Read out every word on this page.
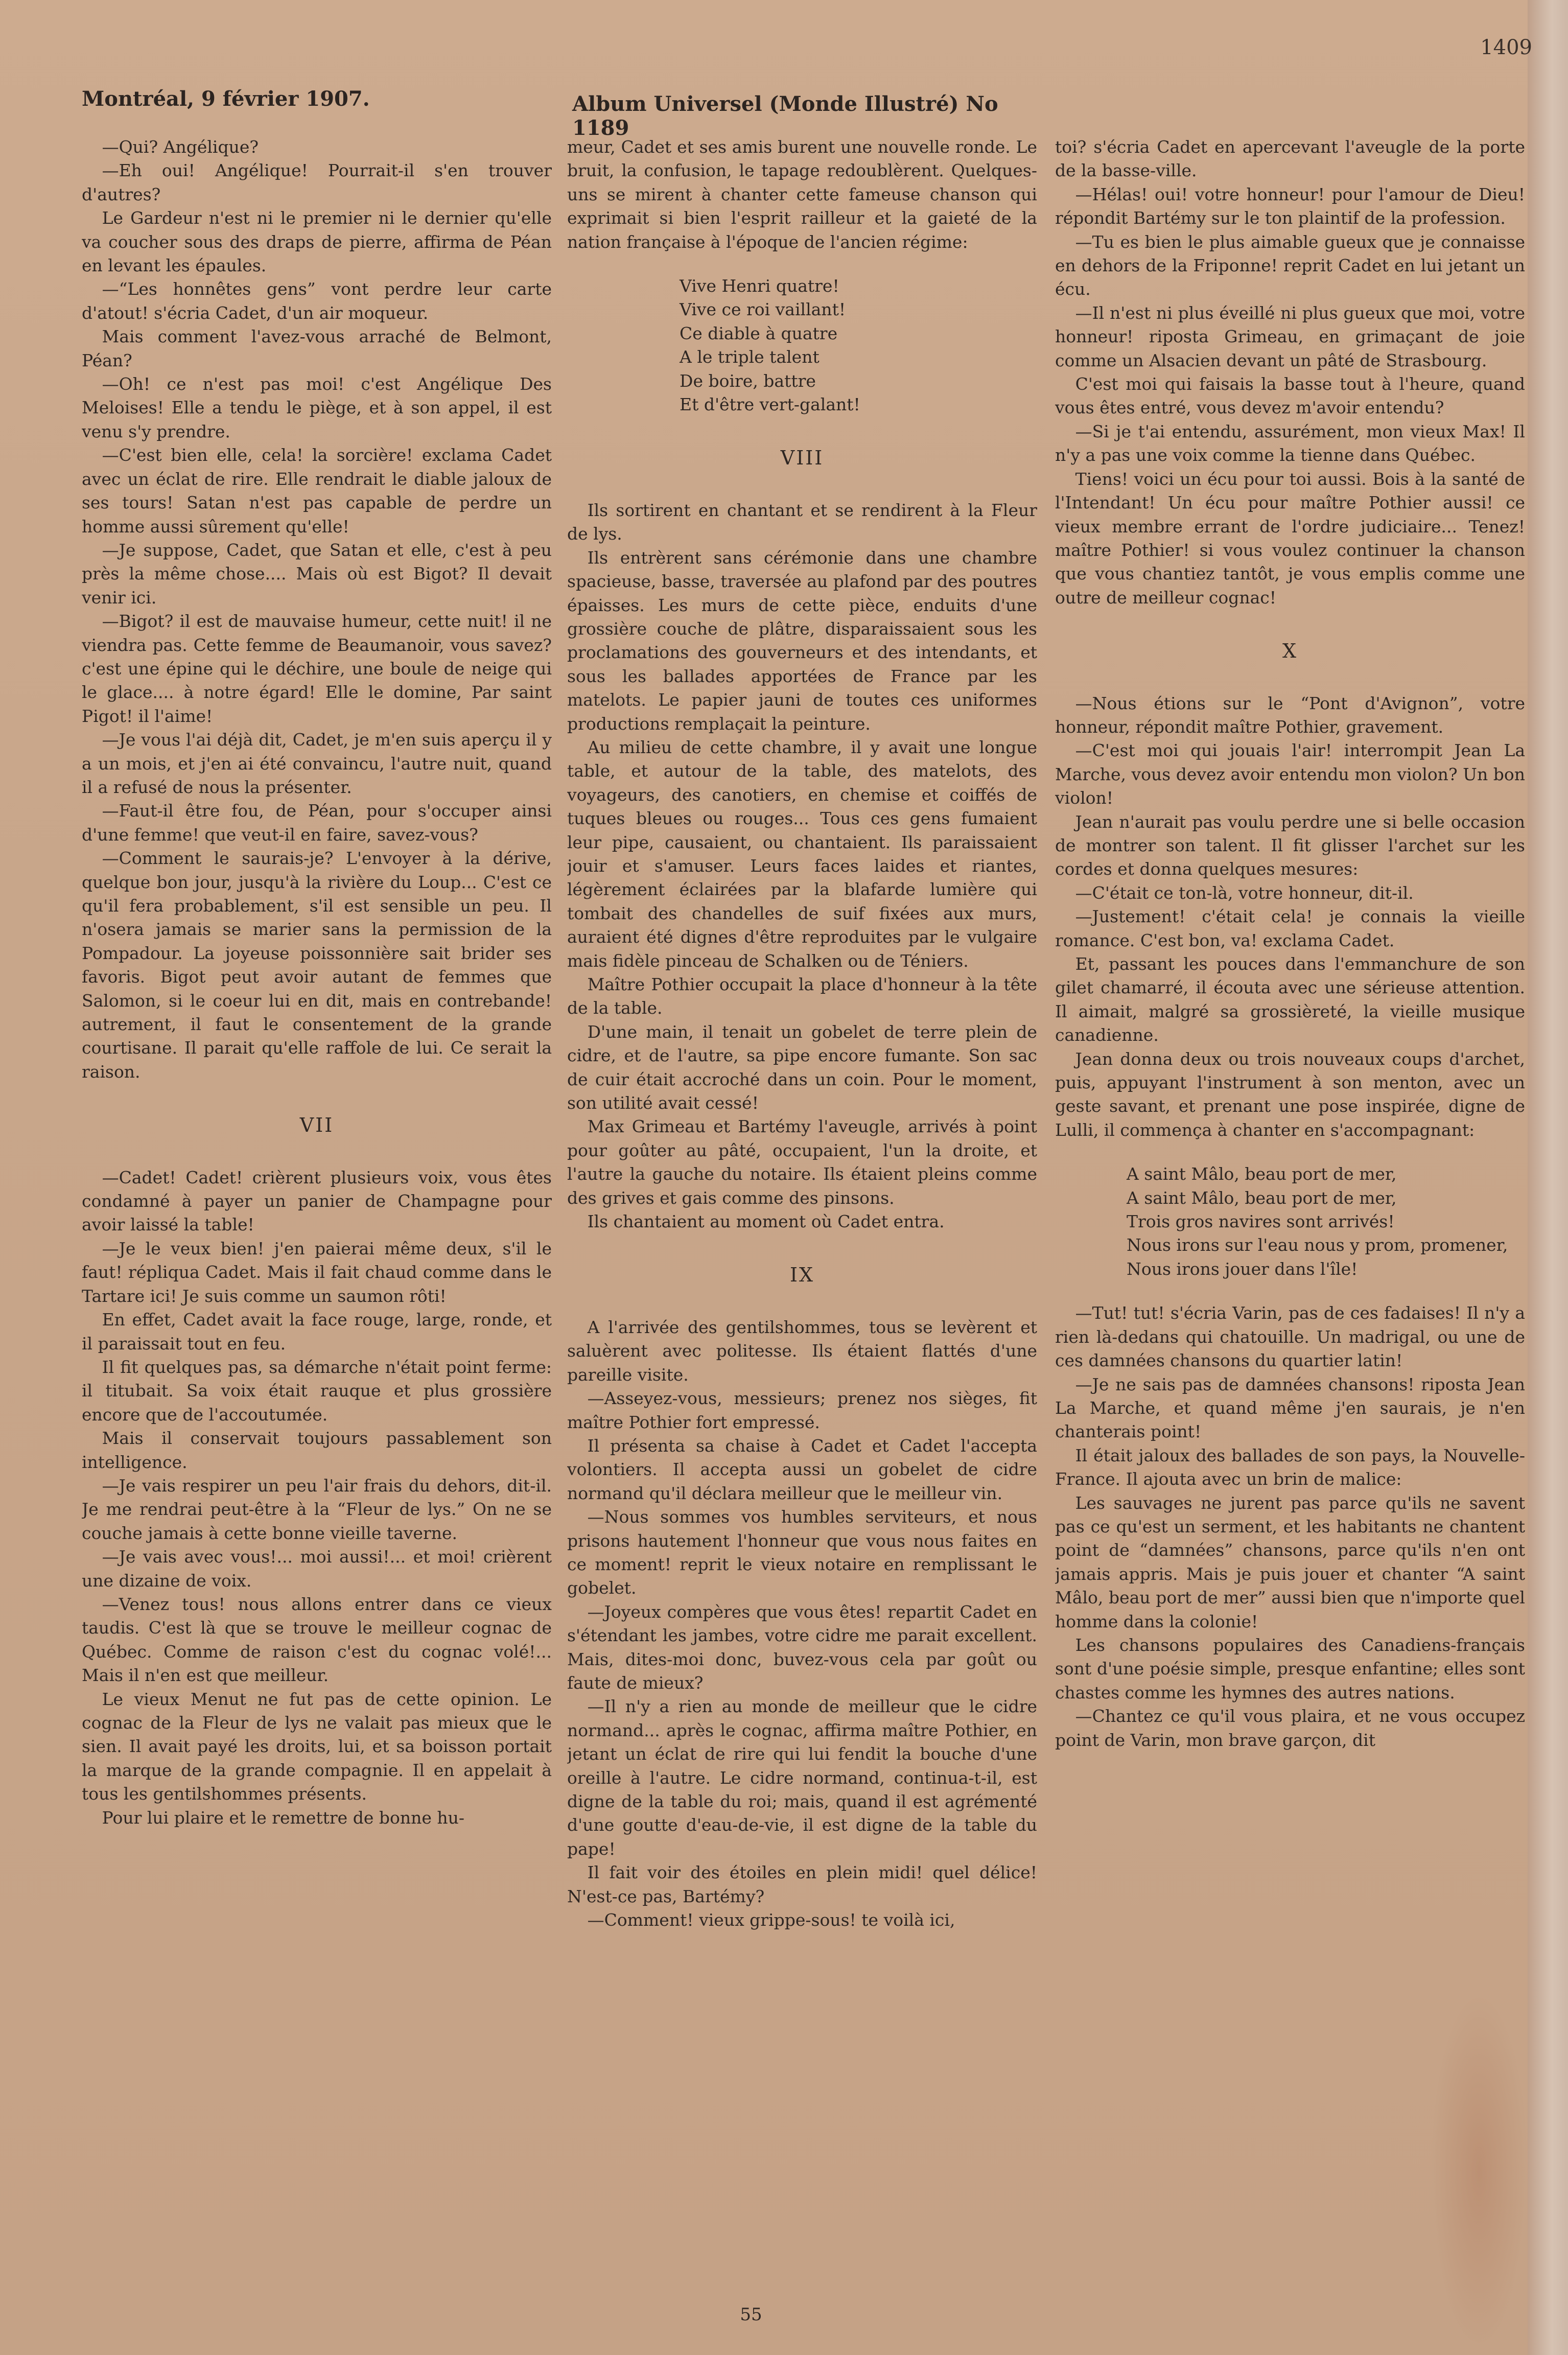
1409
Montréal, 9 février 1907.	Album Universel (Monde Illustré) No 1189

—Qui? Angélique?

—Eh oui! Angélique! Pourrait-il s'en trouver d'autres?

Le Gardeur n'est ni le premier ni le dernier qu'elle va coucher sous des draps de pierre, affirma de Péan en levant les épaules.

—“Les honnêtes gens” vont perdre leur carte d'atout! s'écria Cadet, d'un air moqueur.

Mais comment l'avez-vous arraché de Belmont, Péan?

—Oh! ce n'est pas moi! c'est Angélique Des Meloises! Elle a tendu le piège, et à son appel, il est venu s'y prendre.

—C'est bien elle, cela! la sorcière! exclama Cadet avec un éclat de rire. Elle rendrait le diable jaloux de ses tours! Satan n'est pas capable de perdre un homme aussi sûrement qu'elle!

—Je suppose, Cadet, que Satan et elle, c'est à peu près la même chose.... Mais où est Bigot? Il devait venir ici.

—Bigot? il est de mauvaise humeur, cette nuit! il ne viendra pas. Cette femme de Beaumanoir, vous savez? c'est une épine qui le déchire, une boule de neige qui le glace.... à notre égard! Elle le domine, Par saint Pigot! il l'aime!

—Je vous l'ai déjà dit, Cadet, je m'en suis aperçu il y a un mois, et j'en ai été convaincu, l'autre nuit, quand il a refusé de nous la présenter.

—Faut-il être fou, de Péan, pour s'occuper ainsi d'une femme! que veut-il en faire, savez-vous?

—Comment le saurais-je? L'envoyer à la dérive, quelque bon jour, jusqu'à la rivière du Loup... C'est ce qu'il fera probablement, s'il est sensible un peu. Il n'osera jamais se marier sans la permission de la Pompadour. La joyeuse poissonnière sait brider ses favoris. Bigot peut avoir autant de femmes que Salomon, si le coeur lui en dit, mais en contrebande! autrement, il faut le consentement de la grande courtisane. Il parait qu'elle raffole de lui. Ce serait la raison.

VII

—Cadet! Cadet! crièrent plusieurs voix, vous êtes condamné à payer un panier de Champagne pour avoir laissé la table!

—Je le veux bien! j'en paierai même deux, s'il le faut! répliqua Cadet. Mais il fait chaud comme dans le Tartare ici! Je suis comme un saumon rôti!

En effet, Cadet avait la face rouge, large, ronde, et il paraissait tout en feu.

Il fit quelques pas, sa démarche n'était point ferme: il titubait. Sa voix était rauque et plus grossière encore que de l'accoutumée.

Mais il conservait toujours passablement son intelligence.

—Je vais respirer un peu l'air frais du dehors, dit-il. Je me rendrai peut-être à la “Fleur de lys.” On ne se couche jamais à cette bonne vieille taverne.

—Je vais avec vous!... moi aussi!... et moi! crièrent une dizaine de voix.

—Venez tous! nous allons entrer dans ce vieux taudis. C'est là que se trouve le meilleur cognac de Québec. Comme de raison c'est du cognac volé!... Mais il n'en est que meilleur.

Le vieux Menut ne fut pas de cette opinion. Le cognac de la Fleur de lys ne valait pas mieux que le sien. Il avait payé les droits, lui, et sa boisson portait la marque de la grande compagnie. Il en appelait à tous les gentilshommes présents.

Pour lui plaire et le remettre de bonne hu-

meur, Cadet et ses amis burent une nouvelle ronde. Le bruit, la confusion, le tapage redoublèrent. Quelques-uns se mirent à chanter cette fameuse chanson qui exprimait si bien l'esprit railleur et la gaieté de la nation française à l'époque de l'ancien régime:

Vive Henri quatre!
Vive ce roi vaillant!
Ce diable à quatre
A le triple talent
De boire, battre
Et d'être vert-galant!

VIII

Ils sortirent en chantant et se rendirent à la Fleur de lys.

Ils entrèrent sans cérémonie dans une chambre spacieuse, basse, traversée au plafond par des poutres épaisses. Les murs de cette pièce, enduits d'une grossière couche de plâtre, disparaissaient sous les proclamations des gouverneurs et des intendants, et sous les ballades apportées de France par les matelots. Le papier jauni de toutes ces uniformes productions remplaçait la peinture.

Au milieu de cette chambre, il y avait une longue table, et autour de la table, des matelots, des voyageurs, des canotiers, en chemise et coiffés de tuques bleues ou rouges... Tous ces gens fumaient leur pipe, causaient, ou chantaient. Ils paraissaient jouir et s'amuser. Leurs faces laides et riantes, légèrement éclairées par la blafarde lumière qui tombait des chandelles de suif fixées aux murs, auraient été dignes d'être reproduites par le vulgaire mais fidèle pinceau de Schalken ou de Téniers.

Maître Pothier occupait la place d'honneur à la tête de la table.

D'une main, il tenait un gobelet de terre plein de cidre, et de l'autre, sa pipe encore fumante. Son sac de cuir était accroché dans un coin. Pour le moment, son utilité avait cessé!

Max Grimeau et Bartémy l'aveugle, arrivés à point pour goûter au pâté, occupaient, l'un la droite, et l'autre la gauche du notaire. Ils étaient pleins comme des grives et gais comme des pinsons.

Ils chantaient au moment où Cadet entra.

IX

A l'arrivée des gentilshommes, tous se levèrent et saluèrent avec politesse. Ils étaient flattés d'une pareille visite.

—Asseyez-vous, messieurs; prenez nos sièges, fit maître Pothier fort empressé.

Il présenta sa chaise à Cadet et Cadet l'accepta volontiers. Il accepta aussi un gobelet de cidre normand qu'il déclara meilleur que le meilleur vin.

—Nous sommes vos humbles serviteurs, et nous prisons hautement l'honneur que vous nous faites en ce moment! reprit le vieux notaire en remplissant le gobelet.

—Joyeux compères que vous êtes! repartit Cadet en s'étendant les jambes, votre cidre me parait excellent. Mais, dites-moi donc, buvez-vous cela par goût ou faute de mieux?

—Il n'y a rien au monde de meilleur que le cidre normand... après le cognac, affirma maître Pothier, en jetant un éclat de rire qui lui fendit la bouche d'une oreille à l'autre. Le cidre normand, continua-t-il, est digne de la table du roi; mais, quand il est agrémenté d'une goutte d'eau-de-vie, il est digne de la table du pape!

Il fait voir des étoiles en plein midi! quel délice! N'est-ce pas, Bartémy?

—Comment! vieux grippe-sous! te voilà ici,

toi? s'écria Cadet en apercevant l'aveugle de la porte de la basse-ville.

—Hélas! oui! votre honneur! pour l'amour de Dieu! répondit Bartémy sur le ton plaintif de la profession.

—Tu es bien le plus aimable gueux que je connaisse en dehors de la Friponne! reprit Cadet en lui jetant un écu.

—Il n'est ni plus éveillé ni plus gueux que moi, votre honneur! riposta Grimeau, en grimaçant de joie comme un Alsacien devant un pâté de Strasbourg.

C'est moi qui faisais la basse tout à l'heure, quand vous êtes entré, vous devez m'avoir entendu?

—Si je t'ai entendu, assurément, mon vieux Max! Il n'y a pas une voix comme la tienne dans Québec.

Tiens! voici un écu pour toi aussi. Bois à la santé de l'Intendant! Un écu pour maître Pothier aussi! ce vieux membre errant de l'ordre judiciaire... Tenez! maître Pothier! si vous voulez continuer la chanson que vous chantiez tantôt, je vous emplis comme une outre de meilleur cognac!

X

—Nous étions sur le “Pont d'Avignon”, votre honneur, répondit maître Pothier, gravement.

—C'est moi qui jouais l'air! interrompit Jean La Marche, vous devez avoir entendu mon violon? Un bon violon!

Jean n'aurait pas voulu perdre une si belle occasion de montrer son talent. Il fit glisser l'archet sur les cordes et donna quelques mesures:

—C'était ce ton-là, votre honneur, dit-il.

—Justement! c'était cela! je connais la vieille romance. C'est bon, va! exclama Cadet.

Et, passant les pouces dans l'emmanchure de son gilet chamarré, il écouta avec une sérieuse attention. Il aimait, malgré sa grossièreté, la vieille musique canadienne.

Jean donna deux ou trois nouveaux coups d'archet, puis, appuyant l'instrument à son menton, avec un geste savant, et prenant une pose inspirée, digne de Lulli, il commença à chanter en s'accompagnant:

A saint Mâlo, beau port de mer,
A saint Mâlo, beau port de mer,
Trois gros navires sont arrivés!
Nous irons sur l'eau nous y prom, promener,
Nous irons jouer dans l'île!

—Tut! tut! s'écria Varin, pas de ces fadaises! Il n'y a rien là-dedans qui chatouille. Un madrigal, ou une de ces damnées chansons du quartier latin!

—Je ne sais pas de damnées chansons! riposta Jean La Marche, et quand même j'en saurais, je n'en chanterais point!

Il était jaloux des ballades de son pays, la Nouvelle-France. Il ajouta avec un brin de malice:

Les sauvages ne jurent pas parce qu'ils ne savent pas ce qu'est un serment, et les habitants ne chantent point de “damnées” chansons, parce qu'ils n'en ont jamais appris. Mais je puis jouer et chanter “A saint Mâlo, beau port de mer” aussi bien que n'importe quel homme dans la colonie!

Les chansons populaires des Canadiens-français sont d'une poésie simple, presque enfantine; elles sont chastes comme les hymnes des autres nations.

—Chantez ce qu'il vous plaira, et ne vous occupez point de Varin, mon brave garçon, dit

55
